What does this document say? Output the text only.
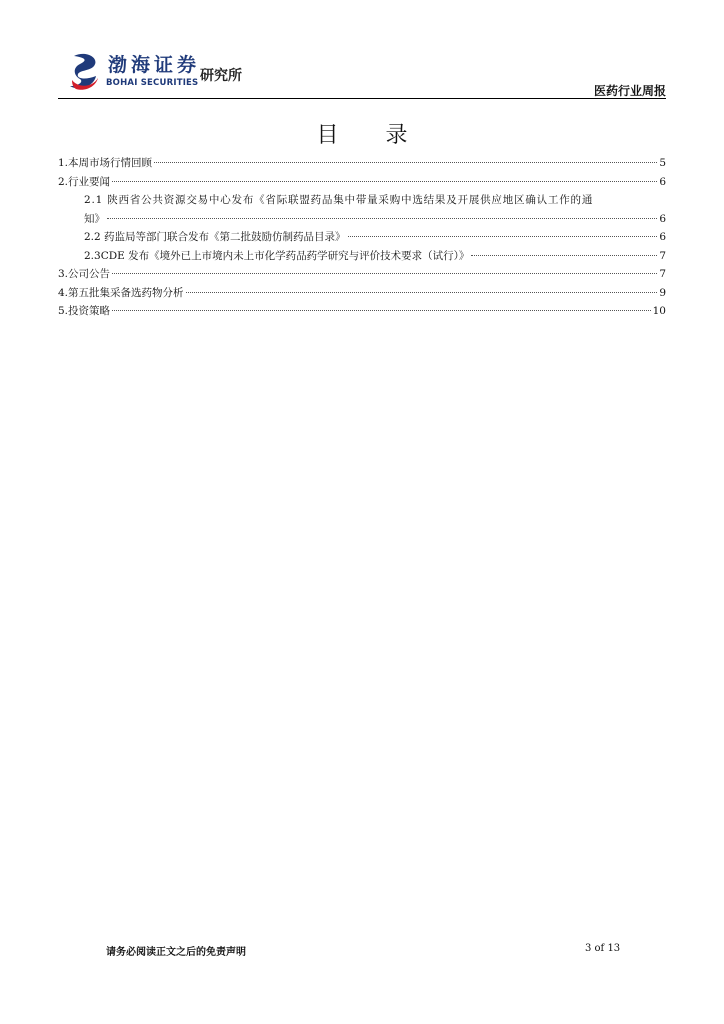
渤海证券
BOHAI SECURITIES 研究所
医药行业周报
目 录
1.本周市场行情回顾	5
2.行业要闻	6
2.1 陕西省公共资源交易中心发布《省际联盟药品集中带量采购中选结果及开展供应地区确认工作的通
知》	6
2.2 药监局等部门联合发布《第二批鼓励仿制药品目录》	6
2.3CDE 发布《境外已上市境内未上市化学药品药学研究与评价技术要求（试行）》	7
3.公司公告	7
4.第五批集采备选药物分析	9
5.投资策略	10
请务必阅读正文之后的免责声明	3 of 13
